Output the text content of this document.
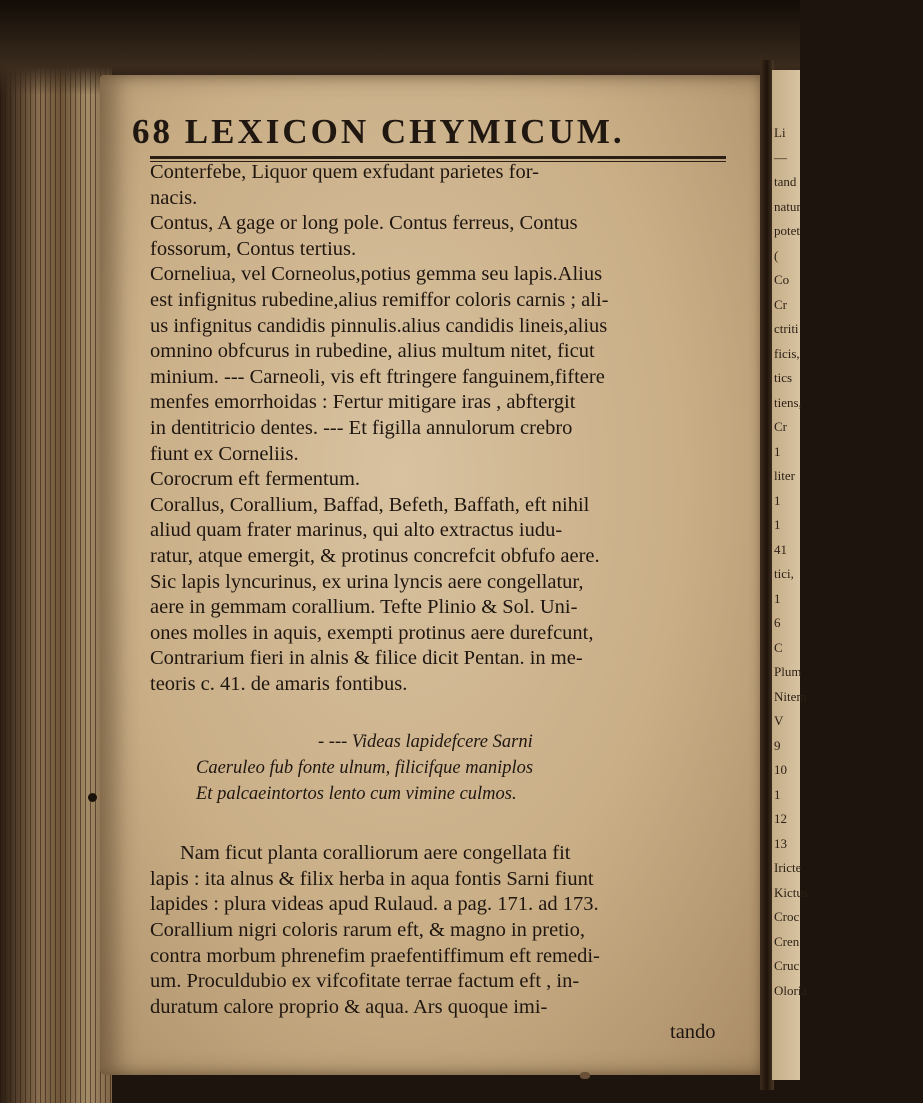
Li
—
tand
natur
potet
(
Co
Cr
ctriti
ficis,
tics
tiens,
Cr
1
liter
1
1
41
tici,
1
6
C
Plum
Nitem
V
9
10
1
12
13
Iricte
Kictus
Croc
Cren
Cruc
Oloria
68 LEXICON CHYMICUM.
Conterfebe, Liquor quem exfudant parietes for-
nacis.
Contus, A gage or long pole. Contus ferreus, Contus
fossorum, Contus tertius.
Corneliua, vel Corneolus,potius gemma seu lapis.Alius
est infignitus rubedine,alius remiffor coloris carnis ; ali-
us infignitus candidis pinnulis.alius candidis lineis,alius
omnino obfcurus in rubedine, alius multum nitet, ficut
minium. --- Carneoli, vis eft ftringere fanguinem,fiftere
menfes emorrhoidas : Fertur mitigare iras , abftergit
in dentitricio dentes. --- Et figilla annulorum crebro
fiunt ex Corneliis.
Corocrum eft fermentum.
Corallus, Corallium, Baffad, Befeth, Baffath, eft nihil
aliud quam frater marinus, qui alto extractus iudu-
ratur, atque emergit, & protinus concrefcit obfufo aere.
Sic lapis lyncurinus, ex urina lyncis aere congellatur,
aere in gemmam corallium. Tefte Plinio & Sol. Uni-
ones molles in aquis, exempti protinus aere durefcunt,
Contrarium fieri in alnis & filice dicit Pentan. in me-
teoris c. 41. de amaris fontibus.
- --- Videas lapidefcere Sarni
Caeruleo fub fonte ulnum, filicifque maniplos
Et palcaeintortos lento cum vimine culmos.
Nam ficut planta coralliorum aere congellata fit
lapis : ita alnus & filix herba in aqua fontis Sarni fiunt
lapides : plura videas apud Rulaud. a pag. 171. ad 173.
Corallium nigri coloris rarum eft, & magno in pretio,
contra morbum phrenefim praefentiffimum eft remedi-
um. Proculdubio ex vifcofitate terrae factum eft , in-
duratum calore proprio & aqua. Ars quoque imi-
tando
